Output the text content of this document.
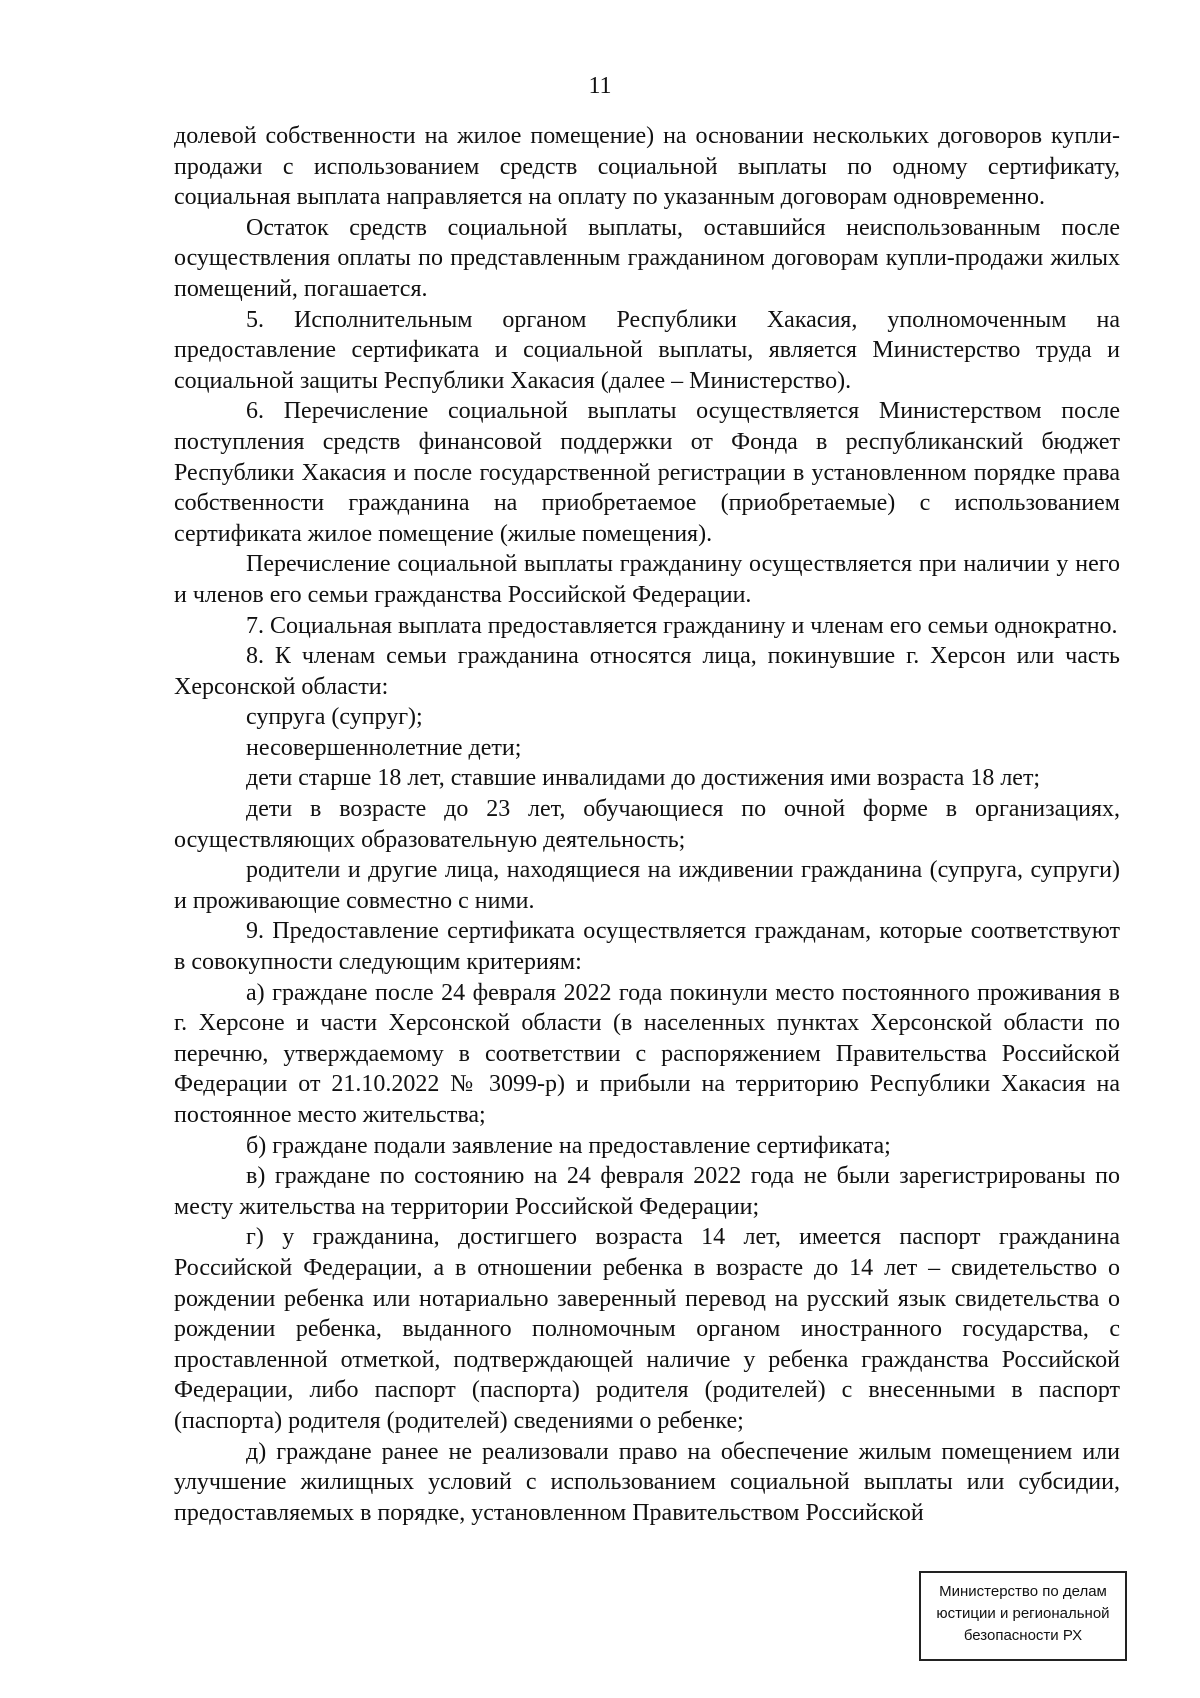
11

долевой собственности на жилое помещение) на основании нескольких договоров купли-продажи с использованием средств социальной выплаты по одному сертификату, социальная выплата направляется на оплату по указанным договорам одновременно.

Остаток средств социальной выплаты, оставшийся неиспользованным после осуществления оплаты по представленным гражданином договорам купли-продажи жилых помещений, погашается.

5. Исполнительным органом Республики Хакасия, уполномоченным на предоставление сертификата и социальной выплаты, является Министерство труда и социальной защиты Республики Хакасия (далее – Министерство).

6. Перечисление социальной выплаты осуществляется Министерством после поступления средств финансовой поддержки от Фонда в республиканский бюджет Республики Хакасия и после государственной регистрации в установленном порядке права собственности гражданина на приобретаемое (приобретаемые) с использованием сертификата жилое помещение (жилые помещения).

Перечисление социальной выплаты гражданину осуществляется при наличии у него и членов его семьи гражданства Российской Федерации.

7. Социальная выплата предоставляется гражданину и членам его семьи однократно.

8. К членам семьи гражданина относятся лица, покинувшие г. Херсон или часть Херсонской области:

супруга (супруг);

несовершеннолетние дети;

дети старше 18 лет, ставшие инвалидами до достижения ими возраста 18 лет;

дети в возрасте до 23 лет, обучающиеся по очной форме в организациях, осуществляющих образовательную деятельность;

родители и другие лица, находящиеся на иждивении гражданина (супруга, супруги) и проживающие совместно с ними.

9. Предоставление сертификата осуществляется гражданам, которые соответствуют в совокупности следующим критериям:

а) граждане после 24 февраля 2022 года покинули место постоянного проживания в г. Херсоне и части Херсонской области (в населенных пунктах Херсонской области по перечню, утверждаемому в соответствии с распоряжением Правительства Российской Федерации от 21.10.2022 № 3099-р) и прибыли на территорию Республики Хакасия на постоянное место жительства;

б) граждане подали заявление на предоставление сертификата;

в) граждане по состоянию на 24 февраля 2022 года не были зарегистрированы по месту жительства на территории Российской Федерации;

г) у гражданина, достигшего возраста 14 лет, имеется паспорт гражданина Российской Федерации, а в отношении ребенка в возрасте до 14 лет – свидетельство о рождении ребенка или нотариально заверенный перевод на русский язык свидетельства о рождении ребенка, выданного полномочным органом иностранного государства, с проставленной отметкой, подтверждающей наличие у ребенка гражданства Российской Федерации, либо паспорт (паспорта) родителя (родителей) с внесенными в паспорт (паспорта) родителя (родителей) сведениями о ребенке;

д) граждане ранее не реализовали право на обеспечение жилым помещением или улучшение жилищных условий с использованием социальной выплаты или субсидии, предоставляемых в порядке, установленном Правительством Российской

Министерство по делам
юстиции и региональной
безопасности РХ
